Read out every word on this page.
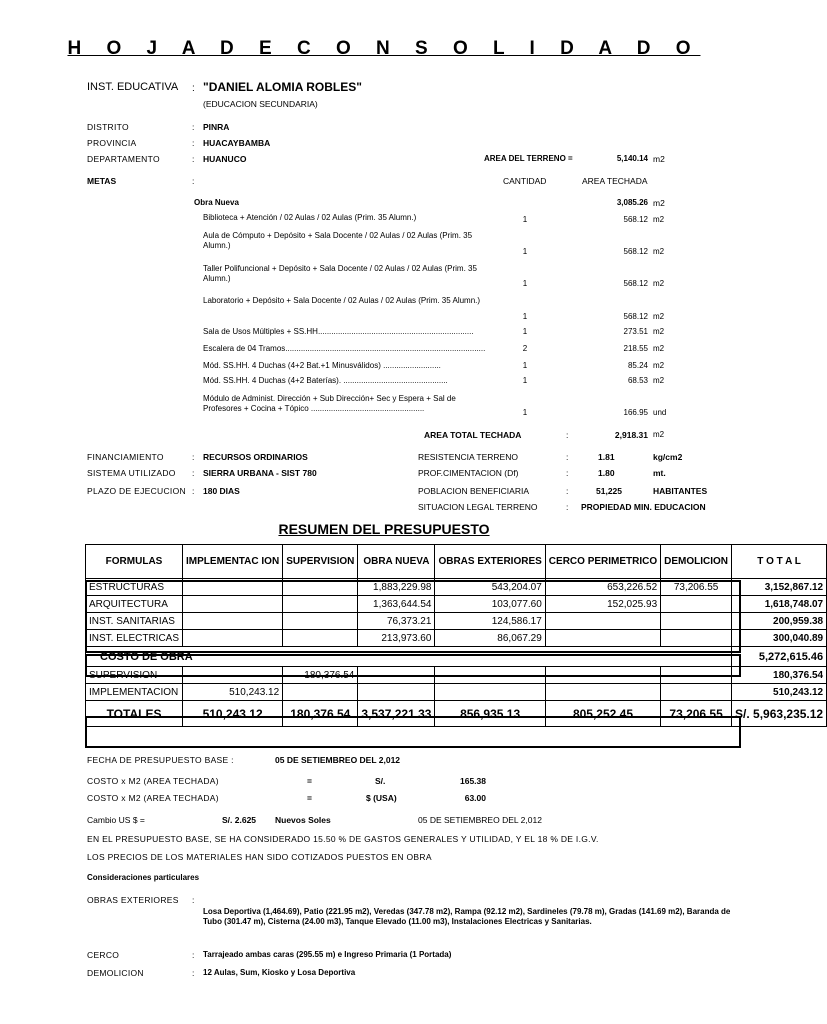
H O J A D E C O N S O L I D A D O
INST. EDUCATIVA : "DANIEL ALOMIA ROBLES"
(EDUCACION SECUNDARIA)
DISTRITO	: PINRA
PROVINCIA	: HUACAYBAMBA
DEPARTAMENTO	: HUANUCO	AREA DEL TERRENO =	5,140.14 m2
METAS	:	CANTIDAD	AREA TECHADA
Obra Nueva	3,085.26 m2
Biblioteca + Atención / 02 Aulas / 02 Aulas (Prim. 35 Alumn.)	1	568.12 m2
Aula de Cómputo + Depósito + Sala Docente / 02 Aulas / 02 Aulas (Prim. 35 Alumn.)
1	568.12 m2
Taller Polifuncional + Depósito + Sala Docente / 02 Aulas / 02 Aulas (Prim. 35 Alumn.)
1	568.12 m2
Laboratorio + Depósito + Sala Docente / 02 Aulas / 02 Aulas (Prim. 35 Alumn.)
1	568.12 m2
Sala de Usos Múltiples + SS.HH......................................................................	1	273.51 m2
Escalera de 04 Tramos..........................................................................................	2	218.55 m2
Mód. SS.HH. 4 Duchas (4+2 Bat.+1 Minusválidos) ..........................	1	85.24 m2
Mód. SS.HH. 4 Duchas (4+2 Baterías). ...............................................	1	68.53 m2
Módulo de Administ. Dirección + Sub Dirección+ Sec y Espera + Sal de Profesores + Cocina + Tópico ...................................................	1	166.95 und
AREA TOTAL TECHADA	:	2,918.31 m2
FINANCIAMIENTO	: RECURSOS ORDINARIOS
SISTEMA UTILIZADO : SIERRA URBANA - SIST 780
PLAZO DE EJECUCION : 180 DIAS
RESISTENCIA TERRENO	:	1.81	kg/cm2
PROF.CIMENTACION (Df)	:	1.80	mt.
POBLACION BENEFICIARIA	:	51,225	HABITANTES
SITUACION LEGAL TERRENO	: PROPIEDAD MIN. EDUCACION
RESUMEN DEL PRESUPUESTO
FORMULAS	IMPLEMENTAC ION	SUPERVISION	OBRA NUEVA	OBRAS EXTERIORES	CERCO PERIMETRICO	DEMOLICION	T O T A L
ESTRUCTURAS			1,883,229.98	543,204.07	653,226.52	73,206.55	3,152,867.12
ARQUITECTURA			1,363,644.54	103,077.60	152,025.93		1,618,748.07
INST. SANITARIAS			76,373.21	124,586.17			200,959.38
INST. ELECTRICAS			213,973.60	86,067.29			300,040.89
COSTO DE OBRA							5,272,615.46
SUPERVISION		180,376.54					180,376.54
IMPLEMENTACION	510,243.12						510,243.12
TOTALES	510,243.12	180,376.54	3,537,221.33	856,935.13	805,252.45	73,206.55	S/. 5,963,235.12
FECHA DE PRESUPUESTO BASE :	05 DE SETIEMBREO DEL 2,012
COSTO x M2 (AREA TECHADA)	=	S/.	165.38
COSTO x M2 (AREA TECHADA)	=	$ (USA)	63.00
Cambio US $ =	S/. 2.625 Nuevos Soles	05 DE SETIEMBREO DEL 2,012
EN EL PRESUPUESTO BASE, SE HA CONSIDERADO 15.50 % DE GASTOS GENERALES Y UTILIDAD, Y EL 18 % DE I.G.V.
LOS PRECIOS DE LOS MATERIALES HAN SIDO COTIZADOS PUESTOS EN OBRA
Consideraciones particulares
OBRAS EXTERIORES :
Losa Deportiva (1,464.69), Patio (221.95 m2), Veredas (347.78 m2), Rampa (92.12 m2), Sardineles (79.78 m), Gradas (141.69 m2), Baranda de Tubo (301.47 m), Cisterna (24.00 m3), Tanque Elevado (11.00 m3), Instalaciones Electricas y Sanitarias.
CERCO	: Tarrajeado ambas caras (295.55 m) e Ingreso Primaria (1 Portada)
DEMOLICION	: 12 Aulas, Sum, Kiosko y Losa Deportiva
